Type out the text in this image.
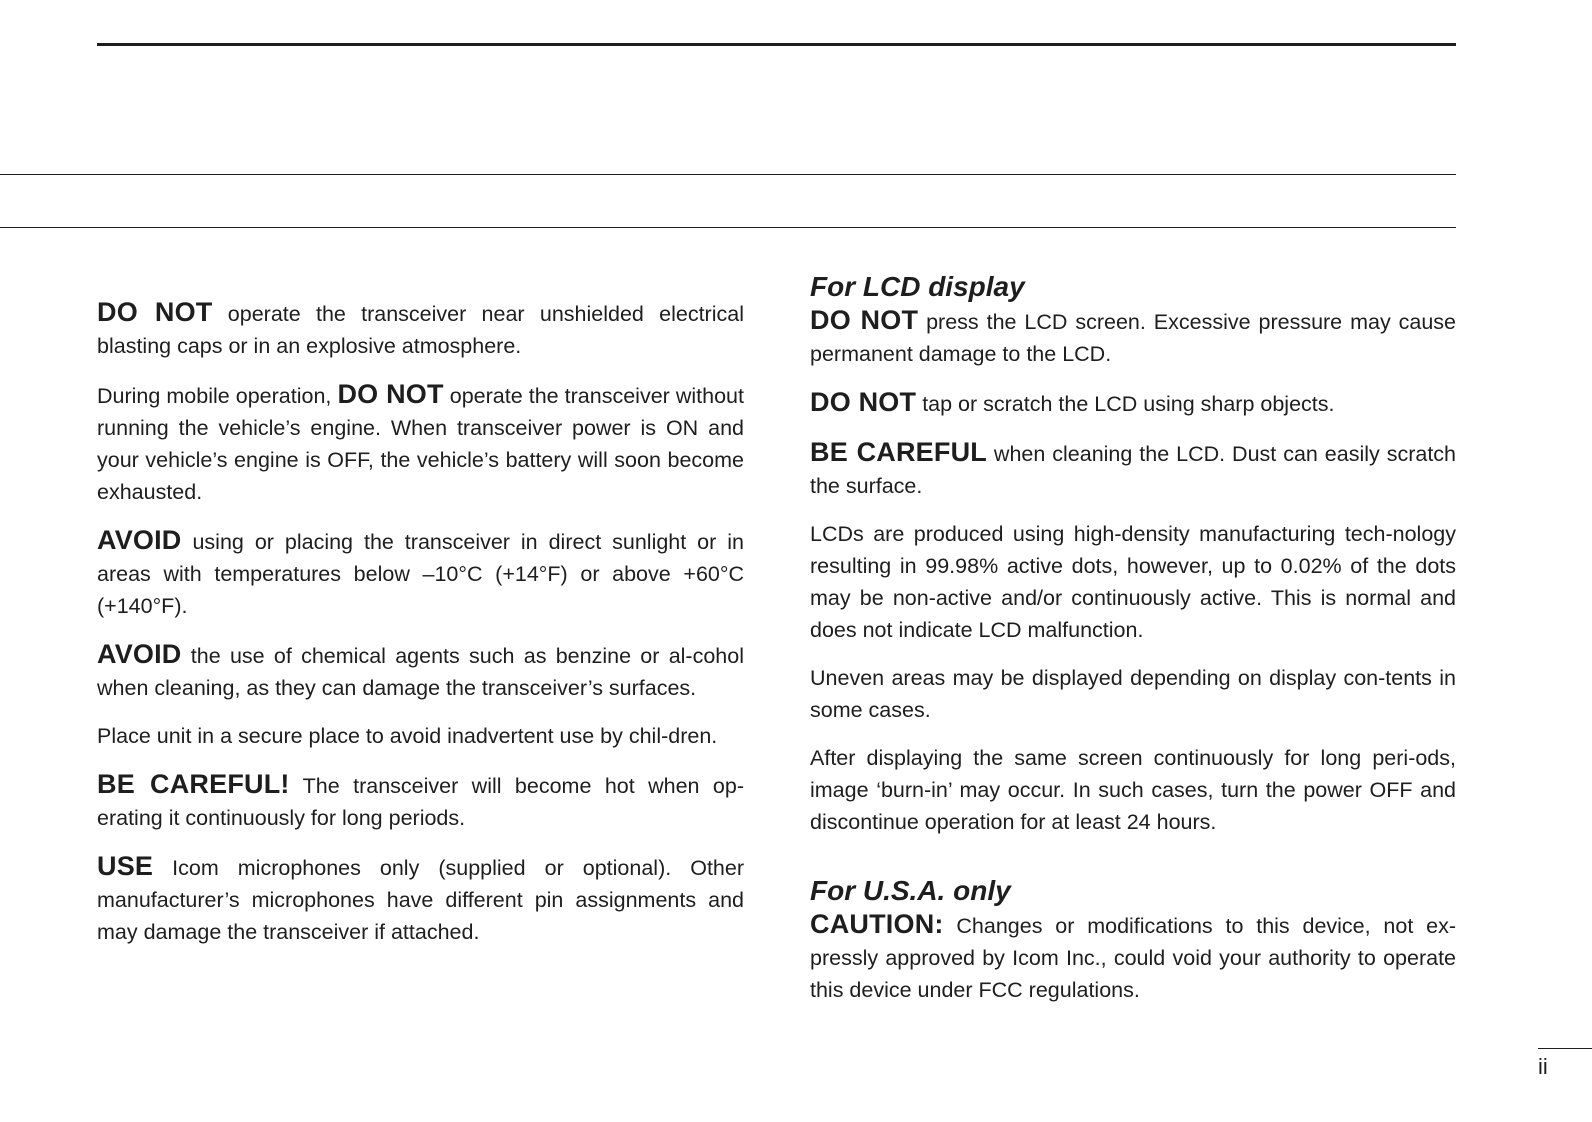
DO NOT operate the transceiver near unshielded electrical blasting caps or in an explosive atmosphere.

During mobile operation, DO NOT operate the transceiver without running the vehicle’s engine. When transceiver power is ON and your vehicle’s engine is OFF, the vehicle’s battery will soon become exhausted.

AVOID using or placing the transceiver in direct sunlight or in areas with temperatures below –10°C (+14°F) or above +60°C (+140°F).

AVOID the use of chemical agents such as benzine or al-cohol when cleaning, as they can damage the transceiver’s surfaces.

Place unit in a secure place to avoid inadvertent use by chil-dren.

BE CAREFUL! The transceiver will become hot when op-erating it continuously for long periods.

USE Icom microphones only (supplied or optional). Other manufacturer’s microphones have different pin assignments and may damage the transceiver if attached.

For LCD display

DO NOT press the LCD screen. Excessive pressure may cause permanent damage to the LCD.

DO NOT tap or scratch the LCD using sharp objects.

BE CAREFUL when cleaning the LCD. Dust can easily scratch the surface.

LCDs are produced using high-density manufacturing tech-nology resulting in 99.98% active dots, however, up to 0.02% of the dots may be non-active and/or continuously active. This is normal and does not indicate LCD malfunction.

Uneven areas may be displayed depending on display con-tents in some cases.

After displaying the same screen continuously for long peri-ods, image ‘burn-in’ may occur. In such cases, turn the power OFF and discontinue operation for at least 24 hours.

For U.S.A. only

CAUTION: Changes or modifications to this device, not ex-pressly approved by Icom Inc., could void your authority to operate this device under FCC regulations.

ii
